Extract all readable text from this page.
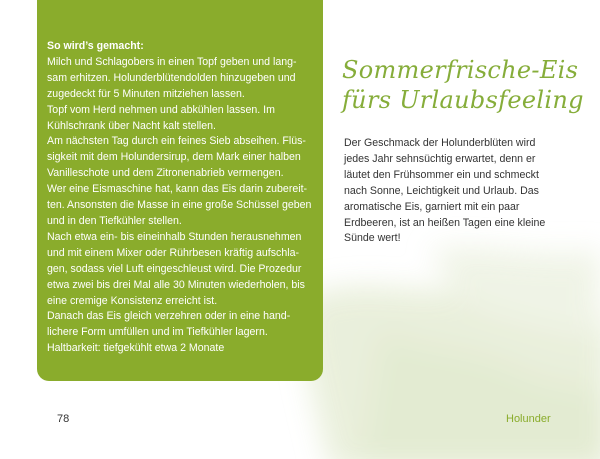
So wird’s gemacht:

Milch und Schlagobers in einen Topf geben und lang-

sam erhitzen. Holunderblütendolden hinzugeben und

zugedeckt für 5 Minuten mitziehen lassen.

Topf vom Herd nehmen und abkühlen lassen. Im

Kühlschrank über Nacht kalt stellen.

Am nächsten Tag durch ein feines Sieb abseihen. Flüs-

sigkeit mit dem Holundersirup, dem Mark einer halben

Vanilleschote und dem Zitronenabrieb vermengen.

Wer eine Eismaschine hat, kann das Eis darin zubereit-

ten. Ansonsten die Masse in eine große Schüssel geben

und in den Tiefkühler stellen.

Nach etwa ein- bis eineinhalb Stunden herausnehmen

und mit einem Mixer oder Rührbesen kräftig aufschla-

gen, sodass viel Luft eingeschleust wird. Die Prozedur

etwa zwei bis drei Mal alle 30 Minuten wiederholen, bis

eine cremige Konsistenz erreicht ist.

Danach das Eis gleich verzehren oder in eine hand-

lichere Form umfüllen und im Tiefkühler lagern.

Haltbarkeit: tiefgekühlt etwa 2 Monate

Sommerfrische-Eis
fürs Urlaubsfeeling

Der Geschmack der Holunderblüten wird

jedes Jahr sehnsüchtig erwartet, denn er

läutet den Frühsommer ein und schmeckt

nach Sonne, Leichtigkeit und Urlaub. Das

aromatische Eis, garniert mit ein paar

Erdbeeren, ist an heißen Tagen eine kleine

Sünde wert!

78	Holunder
